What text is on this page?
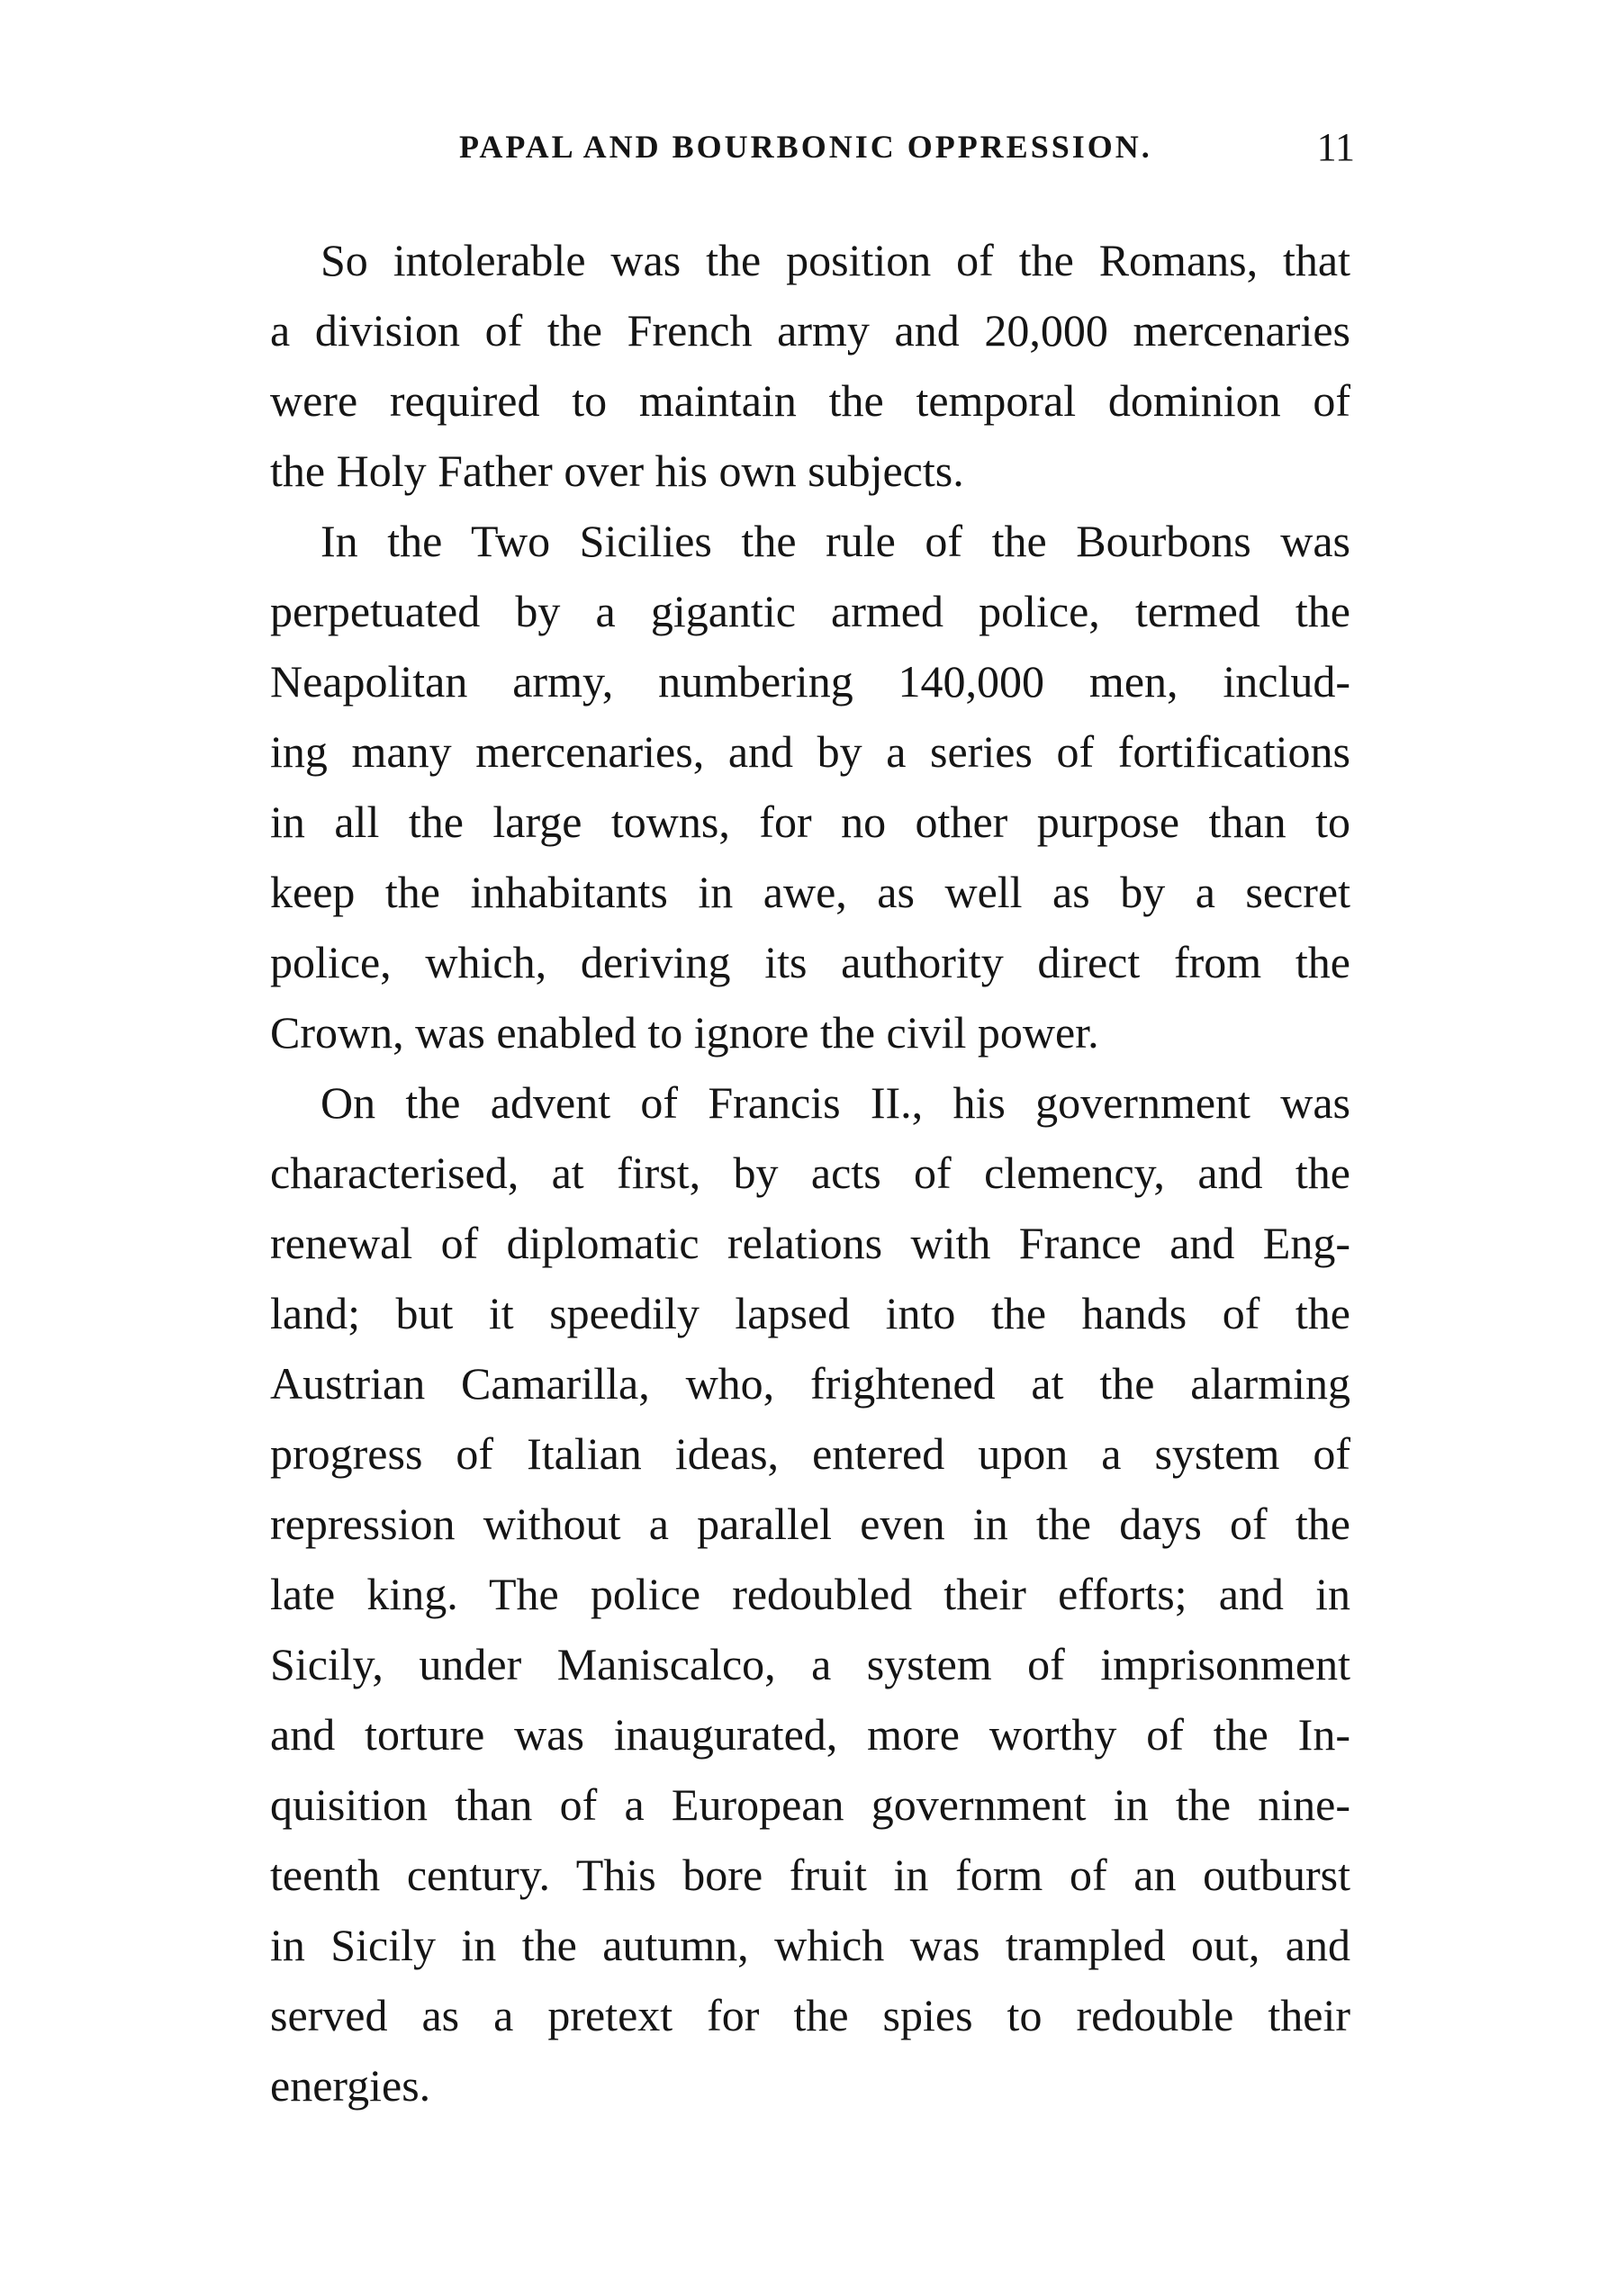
PAPAL AND BOURBONIC OPPRESSION.	11
So intolerable was the position of the Romans, that
a division of the French army and 20,000 mercenaries
were required to maintain the temporal dominion of
the Holy Father over his own subjects.
In the Two Sicilies the rule of the Bourbons was
perpetuated by a gigantic armed police, termed the
Neapolitan army, numbering 140,000 men, includ-
ing many mercenaries, and by a series of fortifications
in all the large towns, for no other purpose than to
keep the inhabitants in awe, as well as by a secret
police, which, deriving its authority direct from the
Crown, was enabled to ignore the civil power.
On the advent of Francis II., his government was
characterised, at first, by acts of clemency, and the
renewal of diplomatic relations with France and Eng-
land; but it speedily lapsed into the hands of the
Austrian Camarilla, who, frightened at the alarming
progress of Italian ideas, entered upon a system of
repression without a parallel even in the days of the
late king. The police redoubled their efforts; and in
Sicily, under Maniscalco, a system of imprisonment
and torture was inaugurated, more worthy of the In-
quisition than of a European government in the nine-
teenth century. This bore fruit in form of an outburst
in Sicily in the autumn, which was trampled out, and
served as a pretext for the spies to redouble their
energies.
